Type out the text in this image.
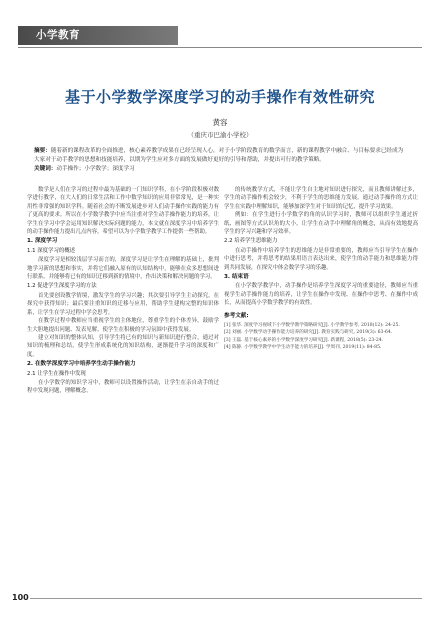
小学教育
基于小学数学深度学习的动手操作有效性研究
黄容
（重庆市巴渝小学校）
摘要：随着新的课程改革的全面推进，核心素养教学成果在已经呈现人心，对于小学阶段教育的数学而言，新的课程教学中融合、与目标要求已经成为大家对于动手教学的思想和技能培养，以期为学生应对多方面的发展做好更好的引导和帮助，并提出可行的教学策略。
关键词：动手操作；小学数学；深度学习

数学是人们在学习的过程中最为基础的一门知识学科，在小学阶段积极对数学进行教学，在大人们的日常生活和工作中数学知识的应用非常常见，是一种实用性非常强的知识学科。随着社会的不断发展进步对人们动手操作实践的能力有了更高的要求。所以在小学数学教学中应当注重对学生动手操作能力的培养，让学生在学习中学会运用知识解决实际问题的能力，本文就在深度学习中培养学生的动手操作能力提出几点内容，希望可以为小学数学教学工作提供一些帮助。

1. 深度学习
1.1 深度学习的概述

深度学习是相较浅层学习而言的，深度学习是让学生在理解的基础上，批判地学习新的思想和事实，并将它们融入原有的认知结构中，能够在众多思想间进行联系，并能够将已有的知识迁移到新的情境中，作出决策和解决问题的学习。

1.2 促进学生深度学习的方法

首先要创设教学情境，激发学生的学习兴趣；其次要引导学生主动探究，在探究中获得知识；最后要注重知识的迁移与应用，帮助学生建构完整的知识体系，让学生在学习过程中学会思考。

在教学过程中教师应当重视学生的主体地位，尊重学生的个体差异，鼓励学生大胆地提出问题、发表见解，使学生在积极的学习氛围中获得发展。

建立对知识的整体认知，引导学生将已有的知识与新知识进行整合，通过对知识的梳理和总结，使学生形成系统化的知识结构，逐渐提升学习的深度和广度。

2. 在数学深度学习中培养学生动手操作能力
2.1 让学生在操作中发现

在小学数学的知识学习中，教师可以设置操作活动，让学生在亲自动手的过程中发现问题，理解概念。

的传统教学方式，不能让学生自主地对知识进行探究，而且教师讲解过多，学生的动手操作机会较少，不利于学生的思维能力发展。通过动手操作的方式让学生在实践中理解知识，能够加深学生对于知识的记忆，提升学习效果。

例如：在学生进行小学数学的角的认识学习时，教师可以组织学生通过折纸、画图等方式认识角的大小，让学生在动手中理解角的概念，从而有效地提高学生的学习兴趣和学习效率。

2.2 培养学生思维能力

在动手操作中培养学生的思维能力是非常重要的，教师应当引导学生在操作中进行思考，并将思考的结果用语言表达出来，使学生的动手能力和思维能力得到共同发展，在探究中体会数学学习的乐趣。

3. 结束语

在小学数学教学中，动手操作是培养学生深度学习的重要途径，教师应当重视学生动手操作能力的培养，让学生在操作中发现、在操作中思考、在操作中成长，从而提高小学数学教学的有效性。

参考文献:
[1] 张华. 深度学习视域下小学数学教学策略研究[J]. 小学教学参考, 2018(12): 24-25.
[2] 刘丽. 小学数学动手操作能力培养的研究[J]. 教育实践与研究, 2019(3): 63-64.
[3] 王磊. 基于核心素养的小学数学深度学习研究[J]. 新课程, 2018(5): 23-24.
[4] 陈静. 小学数学教学中学生动手能力的培养[J]. 学周刊, 2019(11): 84-85.
100
